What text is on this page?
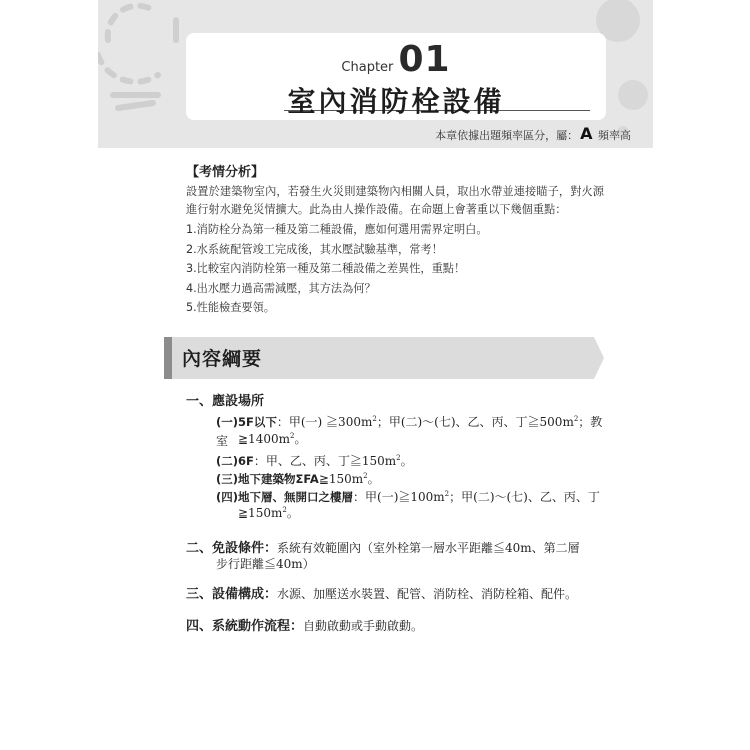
Chapter 01
室內消防栓設備
本章依據出題頻率區分，屬： A 頻率高
【考情分析】
設置於建築物室內，若發生火災則建築物內相關人員，取出水帶並連接瞄子，對火源進行射水避免災情擴大。此為由人操作設備。在命題上會著重以下幾個重點：
1.消防栓分為第一種及第二種設備，應如何選用需界定明白。
2.水系統配管竣工完成後，其水壓試驗基準，常考！
3.比較室內消防栓第一種及第二種設備之差異性，重點！
4.出水壓力過高需減壓，其方法為何？
5.性能檢查要領。
內容綱要
一、應設場所
(一)5F以下：甲(一) $≧300m^2$；甲(二)～(七)、乙、丙、丁$≧500m^2$；教室 $≧1400m^2$。
(二)6F：甲、乙、丙、丁$≧150m^2$。
(三)地下建築物$\Sigma FA≧150m^2$。
(四)地下層、無開口之樓層：甲(一)$≧100m^2$；甲(二)～(七)、乙、丙、丁
$≧150m^2$。
二、免設條件：系統有效範圍內（室外栓第一層水平距離≦40m、第二層
步行距離≦40m）
三、設備構成：水源、加壓送水裝置、配管、消防栓、消防栓箱、配件。
四、系統動作流程：自動啟動或手動啟動。
